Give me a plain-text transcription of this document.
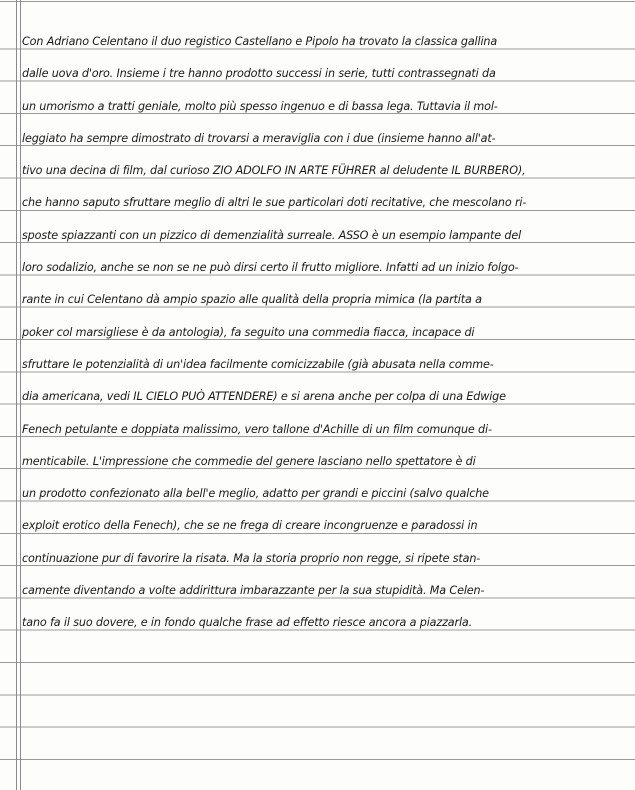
Con Adriano Celentano il duo registico Castellano e Pipolo ha trovato la classica gallina
dalle uova d'oro. Insieme i tre hanno prodotto successi in serie, tutti contrassegnati da
un umorismo a tratti geniale, molto più spesso ingenuo e di bassa lega. Tuttavia il mol-
leggiato ha sempre dimostrato di trovarsi a meraviglia con i due (insieme hanno all'at-
tivo una decina di film, dal curioso ZIO ADOLFO IN ARTE FÜHRER al deludente IL BURBERO),
che hanno saputo sfruttare meglio di altri le sue particolari doti recitative, che mescolano ri-
sposte spiazzanti con un pizzico di demenzialità surreale. ASSO è un esempio lampante del
loro sodalizio, anche se non se ne può dirsi certo il frutto migliore. Infatti ad un inizio folgo-
rante in cui Celentano dà ampio spazio alle qualità della propria mimica (la partita a
poker col marsigliese è da antologia), fa seguito una commedia fiacca, incapace di
sfruttare le potenzialità di un'idea facilmente comicizzabile (già abusata nella comme-
dia americana, vedi IL CIELO PUÒ ATTENDERE) e si arena anche per colpa di una Edwige
Fenech petulante e doppiata malissimo, vero tallone d'Achille di un film comunque di-
menticabile. L'impressione che commedie del genere lasciano nello spettatore è di
un prodotto confezionato alla bell'e meglio, adatto per grandi e piccini (salvo qualche
exploit erotico della Fenech), che se ne frega di creare incongruenze e paradossi in
continuazione pur di favorire la risata. Ma la storia proprio non regge, si ripete stan-
camente diventando a volte addirittura imbarazzante per la sua stupidità. Ma Celen-
tano fa il suo dovere, e in fondo qualche frase ad effetto riesce ancora a piazzarla.
